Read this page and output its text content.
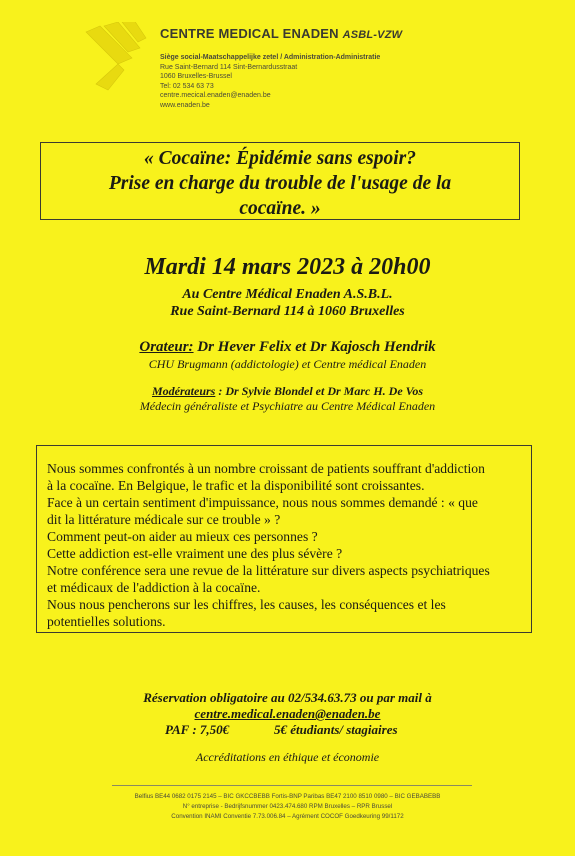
CENTRE MEDICAL ENADEN ASBL-VZW
Siège social-Maatschappelijke zetel / Administration-Administratie
Rue Saint-Bernard 114 Sint-Bernardusstraat
1060 Bruxelles-Brussel
Tel: 02 534 63 73
centre.mecical.enaden@enaden.be
www.enaden.be
« Cocaïne: Épidémie sans espoir?
Prise en charge du trouble de l'usage de la
cocaïne. »
Mardi 14 mars 2023 à 20h00
Au Centre Médical Enaden A.S.B.L.
Rue Saint-Bernard 114 à 1060 Bruxelles
Orateur: Dr Hever Felix et Dr Kajosch Hendrik
CHU Brugmann (addictologie) et Centre médical Enaden
Modérateurs : Dr Sylvie Blondel et Dr Marc H. De Vos
Médecin généraliste et Psychiatre au Centre Médical Enaden
Nous sommes confrontés à un nombre croissant de patients souffrant d'addiction
à la cocaïne. En Belgique, le trafic et la disponibilité sont croissantes.
Face à un certain sentiment d'impuissance, nous nous sommes demandé : « que
dit la littérature médicale sur ce trouble » ?
Comment peut-on aider au mieux ces personnes ?
Cette addiction est-elle vraiment une des plus sévère ?
Notre conférence sera une revue de la littérature sur divers aspects psychiatriques
et médicaux de l'addiction à la cocaïne.
Nous nous pencherons sur les chiffres, les causes, les conséquences et les
potentielles solutions.
Réservation obligatoire au 02/534.63.73 ou par mail à
centre.medical.enaden@enaden.be
PAF : 7,50€	5€ étudiants/ stagiaires
Accréditations en éthique et économie
Belfius BE44 0682 0175 2145 – BIC GKCCBEBB Fortis-BNP Paribas BE47 2100 8510 0980 – BIC GEBABEBB
N° entreprise - Bedrijfsnummer 0423.474.680 RPM Bruxelles – RPR Brussel
Convention INAMI Conventie 7.73.006.84 – Agrément COCOF Goedkeuring 99/1172
